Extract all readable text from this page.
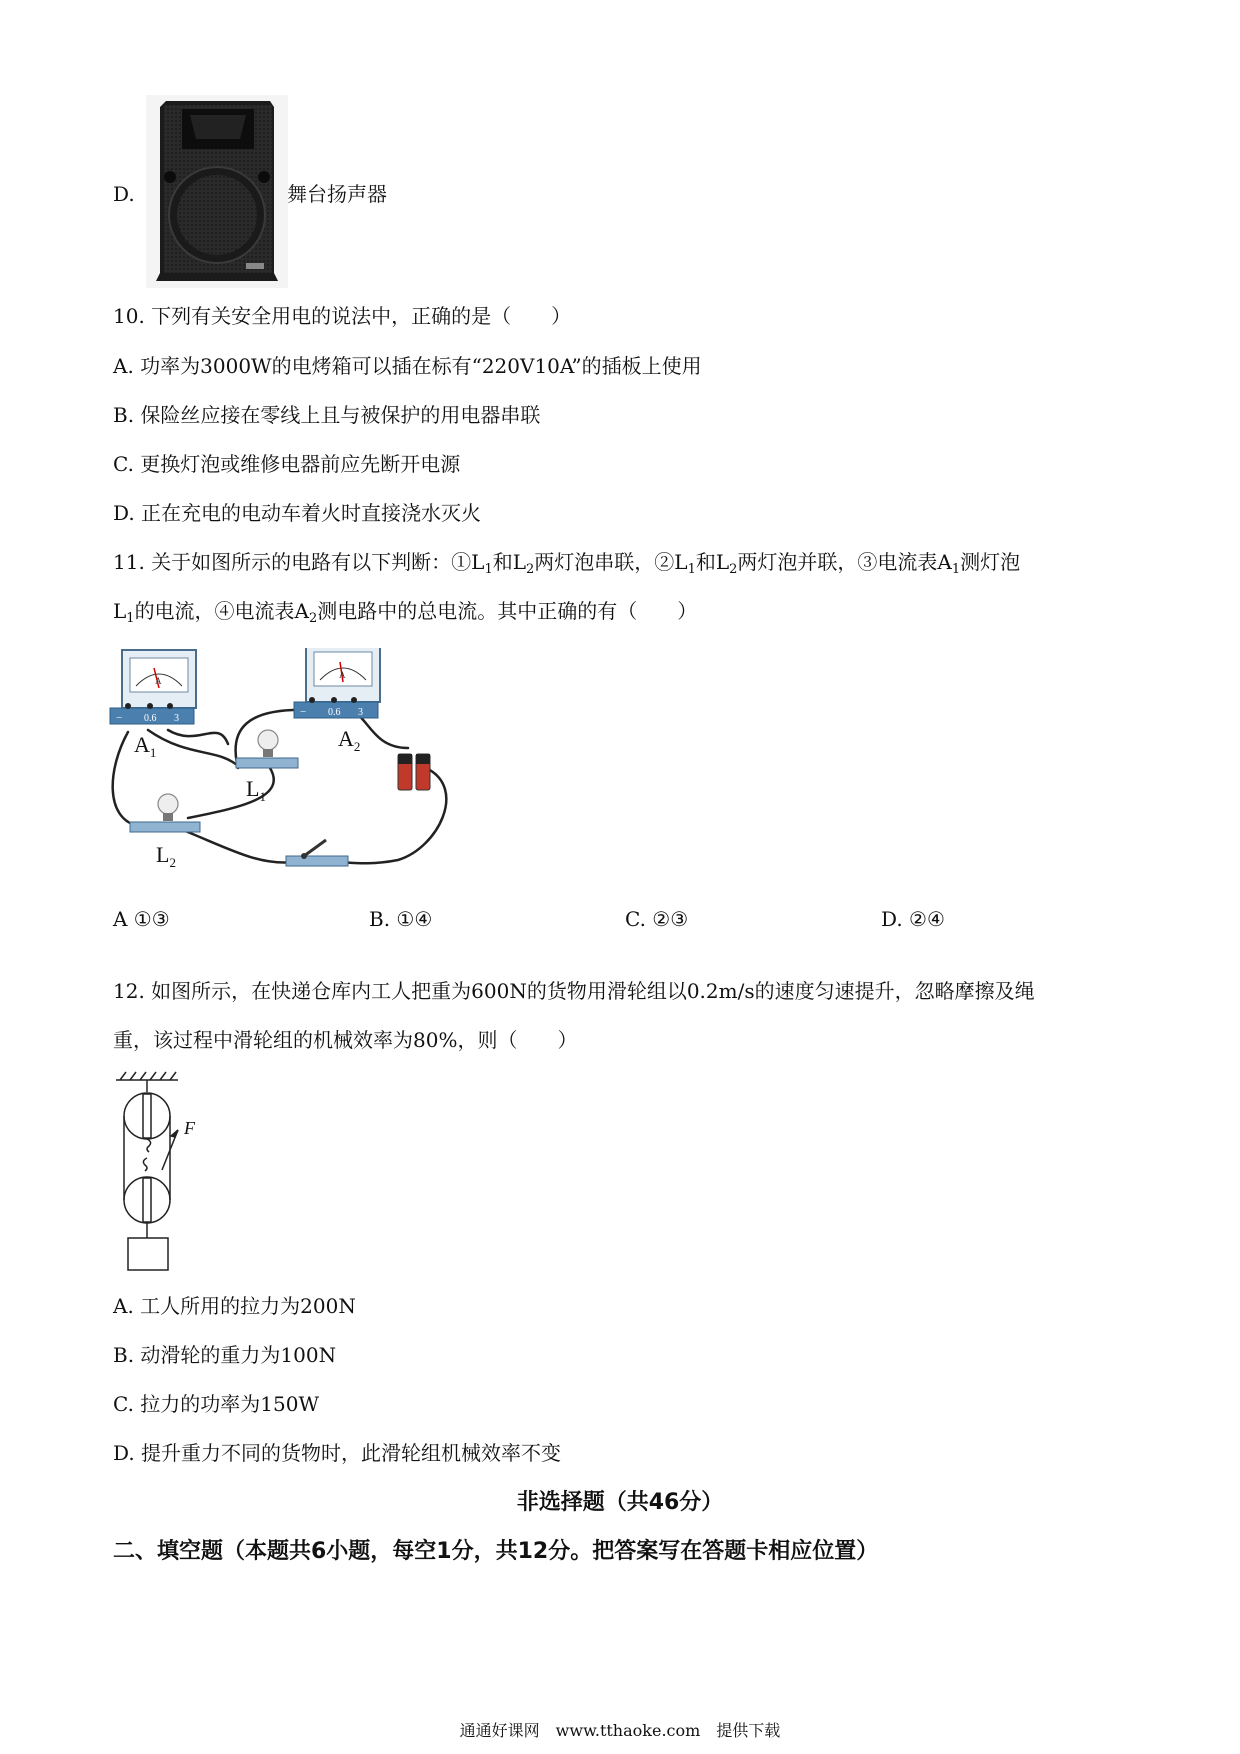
D.	舞台扬声器
10. 下列有关安全用电的说法中，正确的是（　　）
A. 功率为3000W的电烤箱可以插在标有“220V10A”的插板上使用
B. 保险丝应接在零线上且与被保护的用电器串联
C. 更换灯泡或维修电器前应先断开电源
D. 正在充电的电动车着火时直接浇水灭火
11. 关于如图所示的电路有以下判断：$①L_1$和$L_2$两灯泡串联，$②L_1$和$L_2$两灯泡并联，③电流表$A_1$测灯泡
$L_1$的电流，④电流表$A_2$测电路中的总电流。其中正确的有（　　）
A
− 0.6 3
$A_1$
A
− 0.6 3
$A_2$
$L_1$
$L_2$
A ①③	B. ①④	C. ②③	D. ②④
12. 如图所示，在快递仓库内工人把重为600N的货物用滑轮组以0.2m/s的速度匀速提升，忽略摩擦及绳
重，该过程中滑轮组的机械效率为80%，则（　　）
F
A. 工人所用的拉力为200N
B. 动滑轮的重力为100N
C. 拉力的功率为150W
D. 提升重力不同的货物时，此滑轮组机械效率不变
非选择题（共46分）
二、填空题（本题共6小题，每空1分，共12分。把答案写在答题卡相应位置）
通通好课网　www.tthaoke.com　提供下载
